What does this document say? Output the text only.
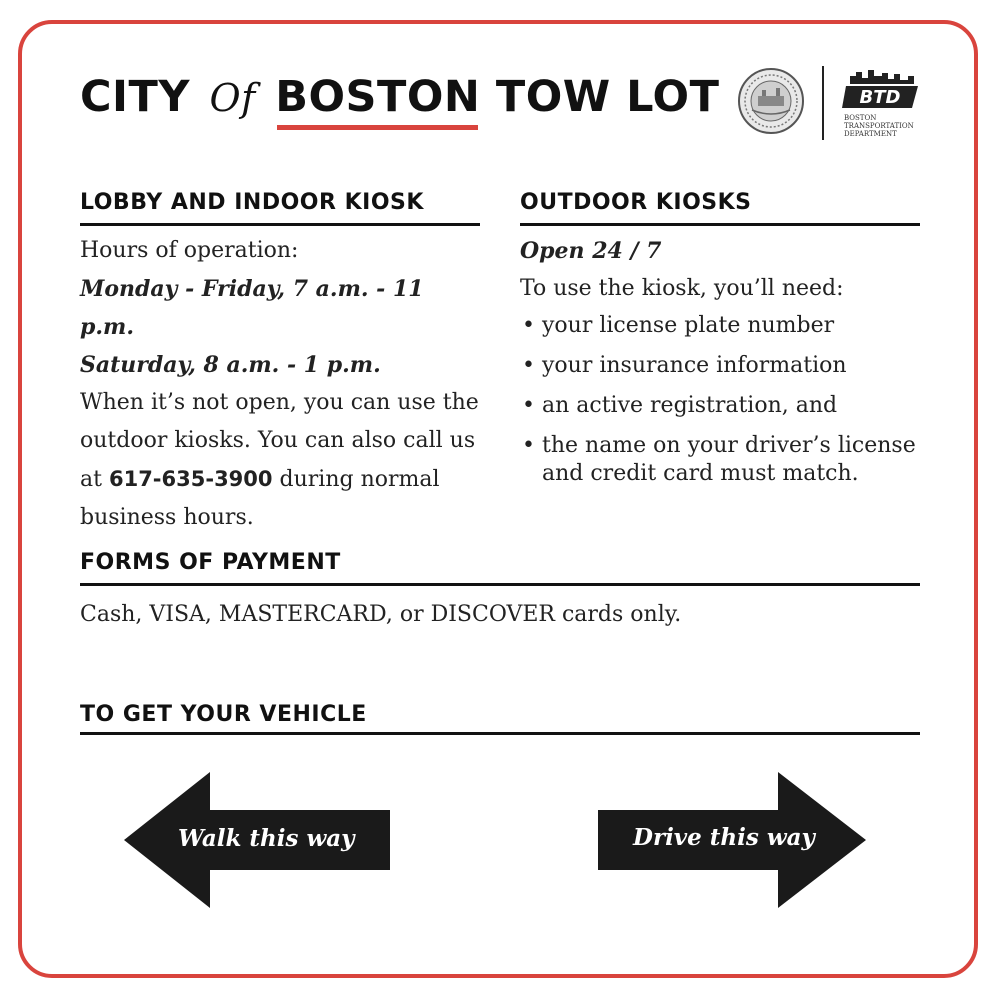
CITY Of BOSTON TOW LOT	BTD
BOSTON
TRANSPORTATION
DEPARTMENT
LOBBY AND INDOOR KIOSK
Hours of operation:
Monday - Friday, 7 a.m. - 11 p.m.
Saturday, 8 a.m. - 1 p.m.
When it’s not open, you can use the outdoor kiosks. You can also call us at 617-635-3900 during normal business hours.
OUTDOOR KIOSKS
Open 24 / 7
To use the kiosk, you’ll need:
• your license plate number
• your insurance information
• an active registration, and
• the name on your driver’s license and credit card must match.
FORMS OF PAYMENT
Cash, VISA, MASTERCARD, or DISCOVER cards only.
TO GET YOUR VEHICLE
Walk this way	Drive this way
